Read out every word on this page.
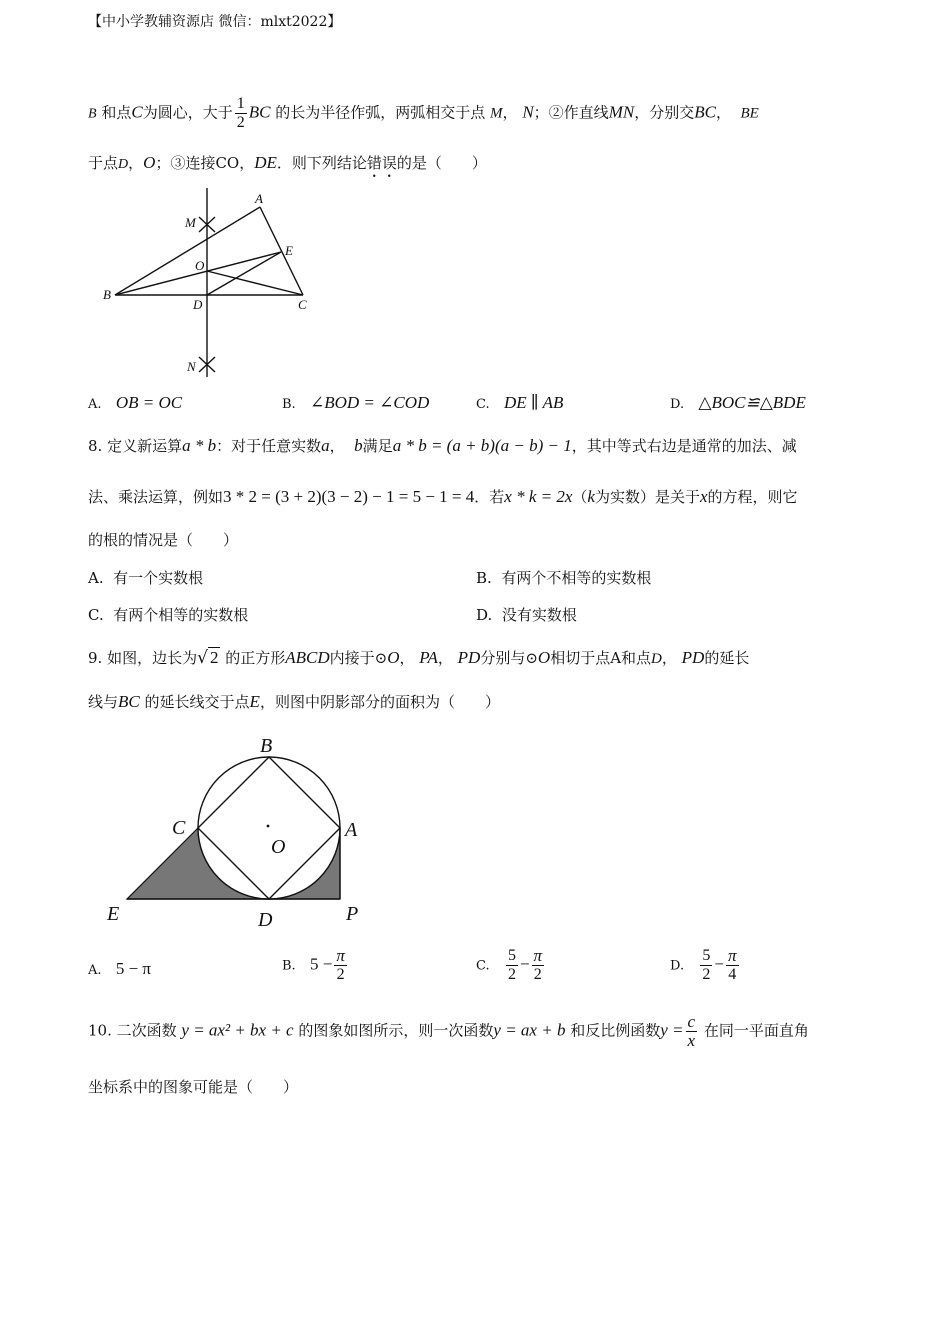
【中小学教辅资源店 微信：mlxt2022】
B 和点C为圆心，大于 $\frac{1}{2}$ BC 的长为半径作弧，两弧相交于点 M， N；②作直线MN，分别交BC， BE
于点D，O；③连接CO，DE．则下列结论错误的是（　　）
A
M
E
O
B
D	C
N
A. OB = OC	B. ∠BOD = ∠COD	C. DE ∥ AB	D. △BOC≌△BDE
8. 定义新运算a * b：对于任意实数a， b满足a * b = (a + b)(a − b) − 1，其中等式右边是通常的加法、减
法、乘法运算，例如3 * 2 = (3 + 2)(3 − 2) − 1 = 5 − 1 = 4．若x * k = 2x（k为实数）是关于x的方程，则它
的根的情况是（　　）
A. 有一个实数根	B. 有两个不相等的实数根
C. 有两个相等的实数根	D. 没有实数根
9. 如图，边长为√ 2 的正方形ABCD内接于⊙O， PA， PD分别与⊙O相切于点A和点D， PD的延长
线与BC 的延长线交于点E，则图中阴影部分的面积为（　　）
B
C
O
A
E	D	P
A. 5 − π	B. $5 - \frac{\pi}{2}$	C. $\frac{5}{2} - \frac{\pi}{2}$	D. $\frac{5}{2} - \frac{\pi}{4}$
10. 二次函数 y = ax² + bx + c 的图象如图所示，则一次函数y = ax + b 和反比例函数$y = \frac{c}{x}$ 在同一平面直角
坐标系中的图象可能是（　　）
